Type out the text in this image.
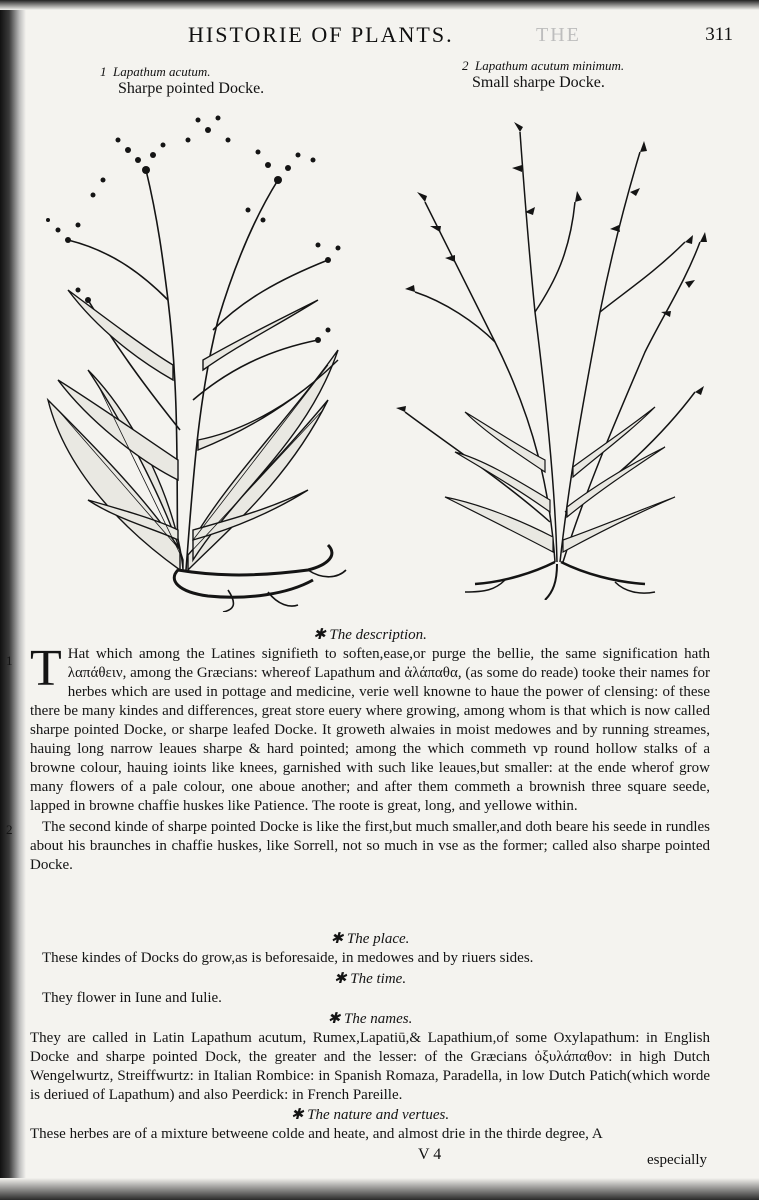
HISTORIE OF PLANTS.	THE	311
1 Lapathum acutum.
Sharpe pointed Docke.
2 Lapathum acutum minimum.
Small sharpe Docke.

✱ The description.

1 T Hat which among the Latines signifieth to soften,ease,or purge the bellie, the same signification hath λαπάθειν, among the Græcians: whereof Lapathum and ἀλάπαθα, (as some do reade) tooke their names for herbes which are used in pottage and medicine, verie well knowne to haue the power of clensing: of these there be many kindes and differences, great store euery where growing, among whom is that which is now called sharpe pointed Docke, or sharpe leafed Docke. It groweth alwaies in moist medowes and by running streames, hauing long narrow leaues sharpe & hard pointed; among the which commeth vp round hollow stalks of a browne colour, hauing ioints like knees, garnished with such like leaues,but smaller: at the ende wherof grow many flowers of a pale colour, one aboue another; and after them commeth a brownish three square seede, lapped in browne chaffie huskes like Patience. The roote is great, long, and yellowe within.

2	The second kinde of sharpe pointed Docke is like the first,but much smaller,and doth beare his seede in rundles about his braunches in chaffie huskes, like Sorrell, not so much in vse as the former; called also sharpe pointed Docke.

✱ The place.

These kindes of Docks do grow,as is beforesaide, in medowes and by riuers sides.

✱ The time.

They flower in Iune and Iulie.

✱ The names.

They are called in Latin Lapathum acutum, Rumex,Lapatiū,& Lapathium,of some Oxylapathum: in English Docke and sharpe pointed Dock, the greater and the lesser: of the Græcians ὀξυλάπαθον: in high Dutch Wengelwurtz, Streiffwurtz: in Italian Rombice: in Spanish Romaza, Paradella, in low Dutch Patich(which worde is deriued of Lapathum) and also Peerdick: in French Pareille.

✱ The nature and vertues.

These herbes are of a mixture betweene colde and heate, and almost drie in the thirde degree, A

V 4	especially
